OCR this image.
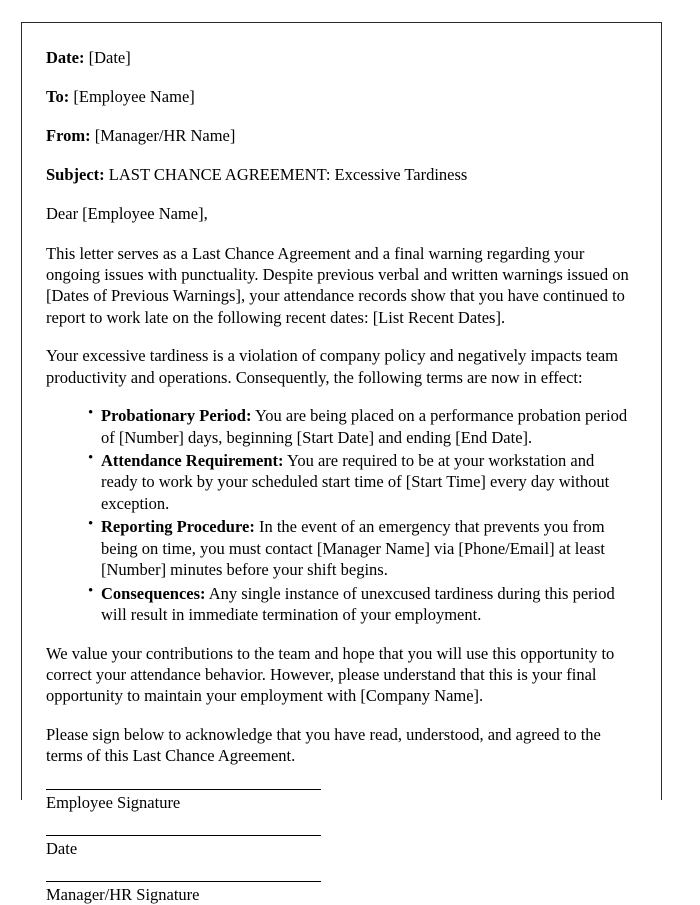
Date: [Date]
To: [Employee Name]
From: [Manager/HR Name]
Subject: LAST CHANCE AGREEMENT: Excessive Tardiness
Dear [Employee Name],

This letter serves as a Last Chance Agreement and a final warning regarding your ongoing issues with punctuality. Despite previous verbal and written warnings issued on [Dates of Previous Warnings], your attendance records show that you have continued to report to work late on the following recent dates: [List Recent Dates].

Your excessive tardiness is a violation of company policy and negatively impacts team productivity and operations. Consequently, the following terms are now in effect:

• Probationary Period: You are being placed on a performance probation period of [Number] days, beginning [Start Date] and ending [End Date].
• Attendance Requirement: You are required to be at your workstation and ready to work by your scheduled start time of [Start Time] every day without exception.
• Reporting Procedure: In the event of an emergency that prevents you from being on time, you must contact [Manager Name] via [Phone/Email] at least [Number] minutes before your shift begins.
• Consequences: Any single instance of unexcused tardiness during this period will result in immediate termination of your employment.

We value your contributions to the team and hope that you will use this opportunity to correct your attendance behavior. However, please understand that this is your final opportunity to maintain your employment with [Company Name].

Please sign below to acknowledge that you have read, understood, and agreed to the terms of this Last Chance Agreement.

Employee Signature
Date
Manager/HR Signature
